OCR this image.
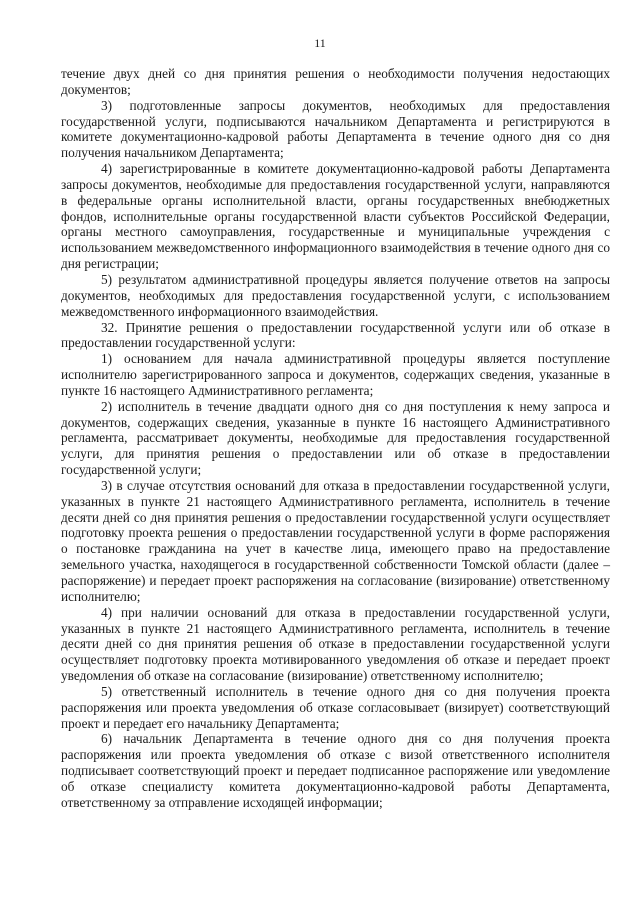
11

течение двух дней со дня принятия решения о необходимости получения недостающих документов;

3) подготовленные запросы документов, необходимых для предоставления государственной услуги, подписываются начальником Департамента и регистрируются в комитете документационно-кадровой работы Департамента в течение одного дня со дня получения начальником Департамента;

4) зарегистрированные в комитете документационно-кадровой работы Департамента запросы документов, необходимые для предоставления государственной услуги, направляются в федеральные органы исполнительной власти, органы государственных внебюджетных фондов, исполнительные органы государственной власти субъектов Российской Федерации, органы местного самоуправления, государственные и муниципальные учреждения с использованием межведомственного информационного взаимодействия в течение одного дня со дня регистрации;

5) результатом административной процедуры является получение ответов на запросы документов, необходимых для предоставления государственной услуги, с использованием межведомственного информационного взаимодействия.

32. Принятие решения о предоставлении государственной услуги или об отказе в предоставлении государственной услуги:

1) основанием для начала административной процедуры является поступление исполнителю зарегистрированного запроса и документов, содержащих сведения, указанные в пункте 16 настоящего Административного регламента;

2) исполнитель в течение двадцати одного дня со дня поступления к нему запроса и документов, содержащих сведения, указанные в пункте 16 настоящего Административного регламента, рассматривает документы, необходимые для предоставления государственной услуги, для принятия решения о предоставлении или об отказе в предоставлении государственной услуги;

3) в случае отсутствия оснований для отказа в предоставлении государственной услуги, указанных в пункте 21 настоящего Административного регламента, исполнитель в течение десяти дней со дня принятия решения о предоставлении государственной услуги осуществляет подготовку проекта решения о предоставлении государственной услуги в форме распоряжения о постановке гражданина на учет в качестве лица, имеющего право на предоставление земельного участка, находящегося в государственной собственности Томской области (далее – распоряжение) и передает проект распоряжения на согласование (визирование) ответственному исполнителю;

4) при наличии оснований для отказа в предоставлении государственной услуги, указанных в пункте 21 настоящего Административного регламента, исполнитель в течение десяти дней со дня принятия решения об отказе в предоставлении государственной услуги осуществляет подготовку проекта мотивированного уведомления об отказе и передает проект уведомления об отказе на согласование (визирование) ответственному исполнителю;

5) ответственный исполнитель в течение одного дня со дня получения проекта распоряжения или проекта уведомления об отказе согласовывает (визирует) соответствующий проект и передает его начальнику Департамента;

6) начальник Департамента в течение одного дня со дня получения проекта распоряжения или проекта уведомления об отказе с визой ответственного исполнителя подписывает соответствующий проект и передает подписанное распоряжение или уведомление об отказе специалисту комитета документационно-кадровой работы Департамента, ответственному за отправление исходящей информации;
